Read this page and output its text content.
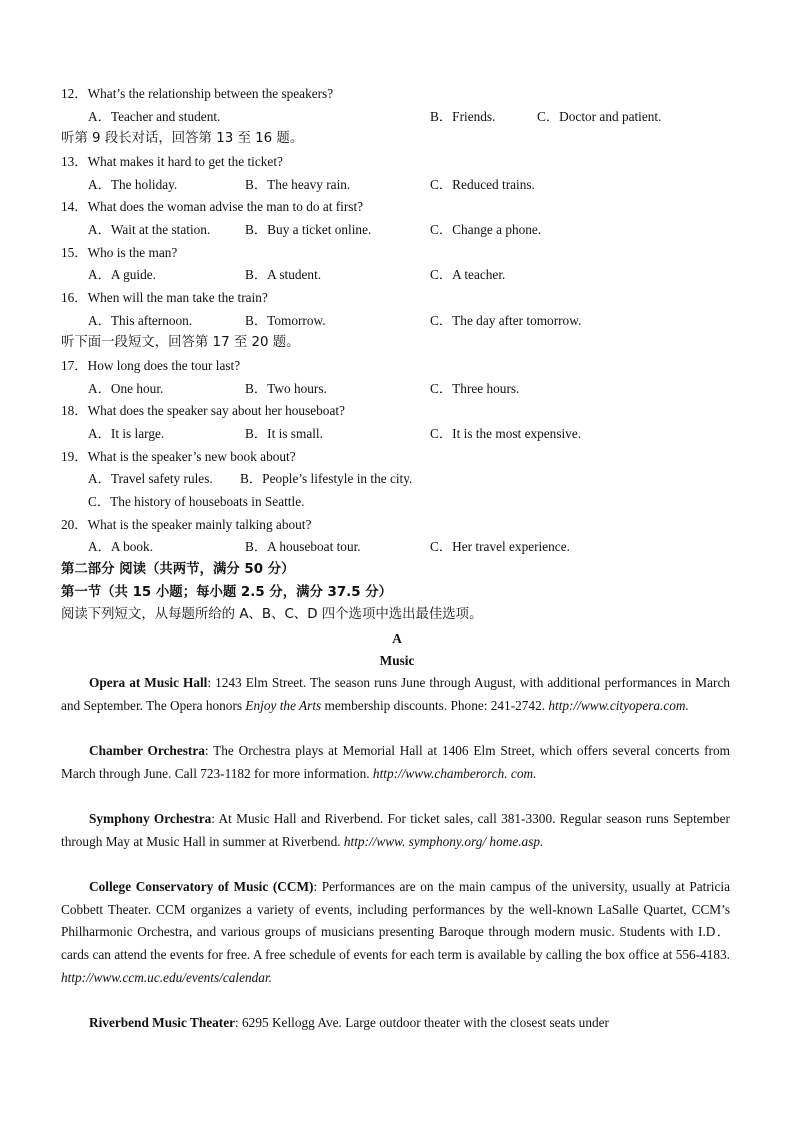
12．What’s the relationship between the speakers?
A．Teacher and student.	B．Friends.	C．Doctor and patient.
听第 9 段长对话，回答第 13 至 16 题。
13．What makes it hard to get the ticket?
A．The holiday.	B．The heavy rain.	C．Reduced trains.
14．What does the woman advise the man to do at first?
A．Wait at the station.	B．Buy a ticket online.	C．Change a phone.
15．Who is the man?
A．A guide.	B．A student.	C．A teacher.
16．When will the man take the train?
A．This afternoon.	B．Tomorrow.	C．The day after tomorrow.
听下面一段短文，回答第 17 至 20 题。
17．How long does the tour last?
A．One hour.	B．Two hours.	C．Three hours.
18．What does the speaker say about her houseboat?
A．It is large.	B．It is small.	C．It is the most expensive.
19．What is the speaker’s new book about?
A．Travel safety rules. B．People’s lifestyle in the city.
C．The history of houseboats in Seattle.
20．What is the speaker mainly talking about?
A．A book.	B．A houseboat tour.	C．Her travel experience.
第二部分 阅读（共两节，满分 50 分）
第一节（共 15 小题；每小题 2.5 分，满分 37.5 分）
阅读下列短文，从每题所给的 A、B、C、D 四个选项中选出最佳选项。
A
Music
Opera at Music Hall: 1243 Elm Street. The season runs June through August, with additional performances in March and September. The Opera honors Enjoy the Arts membership discounts. Phone: 241-2742. http://www.cityopera.com.
Chamber Orchestra: The Orchestra plays at Memorial Hall at 1406 Elm Street, which offers several concerts from March through June. Call 723-1182 for more information. http://www.chamberorch. com.
Symphony Orchestra: At Music Hall and Riverbend. For ticket sales, call 381-3300. Regular season runs September through May at Music Hall in summer at Riverbend. http://www. symphony.org/ home.asp.
College Conservatory of Music (CCM): Performances are on the main campus of the university, usually at Patricia Cobbett Theater. CCM organizes a variety of events, including performances by the well-known LaSalle Quartet, CCM’s Philharmonic Orchestra, and various groups of musicians presenting Baroque through modern music. Students with I.D． cards can attend the events for free. A free schedule of events for each term is available by calling the box office at 556-4183. http://www.ccm.uc.edu/events/calendar.
Riverbend Music Theater: 6295 Kellogg Ave. Large outdoor theater with the closest seats under
